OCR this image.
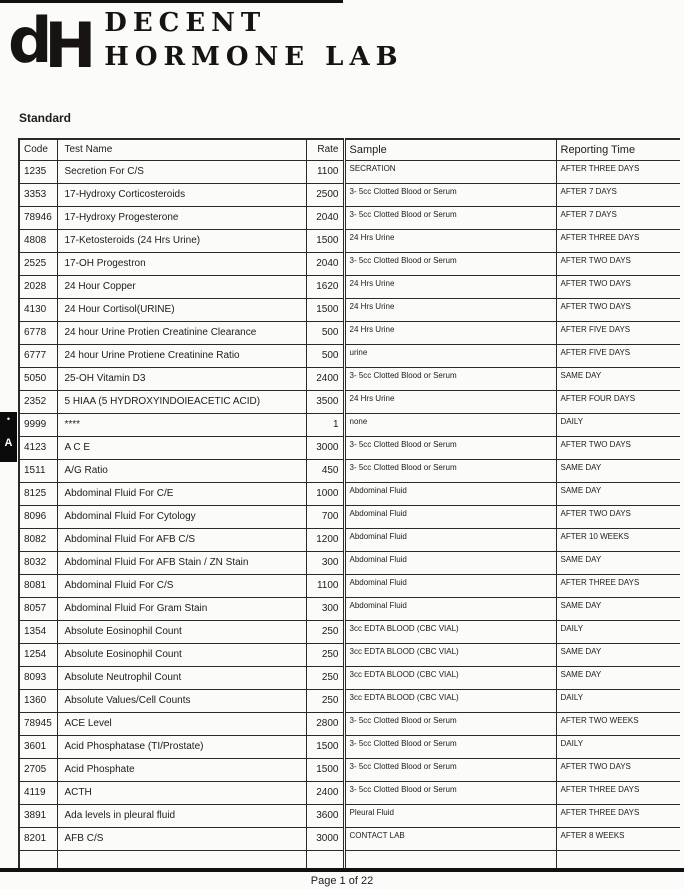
dH DECENT
HORMONE LAB
Standard
Code	Test Name	Rate	Sample	Reporting Time
1235	Secretion For C/S	1100	SECRATION	AFTER THREE DAYS
3353	17-Hydroxy Corticosteroids	2500	3- 5cc Clotted Blood or Serum	AFTER 7 DAYS
78946	17-Hydroxy Progesterone	2040	3- 5cc Clotted Blood or Serum	AFTER 7 DAYS
4808	17-Ketosteroids (24 Hrs Urine)	1500	24 Hrs Urine	AFTER THREE DAYS
2525	17-OH Progestron	2040	3- 5cc Clotted Blood or Serum	AFTER TWO DAYS
2028	24 Hour Copper	1620	24 Hrs Urine	AFTER TWO DAYS
4130	24 Hour Cortisol(URINE)	1500	24 Hrs Urine	AFTER TWO DAYS
6778	24 hour Urine Protien Creatinine Clearance	500	24 Hrs Urine	AFTER FIVE DAYS
6777	24 hour Urine Protiene Creatinine Ratio	500	urine	AFTER FIVE DAYS
5050	25-OH Vitamin D3	2400	3- 5cc Clotted Blood or Serum	SAME DAY
2352	5 HIAA (5 HYDROXYINDOIEACETIC ACID)	3500	24 Hrs Urine	AFTER FOUR DAYS
9999	****	1	none	DAILY
4123	A C E	3000	3- 5cc Clotted Blood or Serum	AFTER TWO DAYS
1511	A/G Ratio	450	3- 5cc Clotted Blood or Serum	SAME DAY
8125	Abdominal Fluid For C/E	1000	Abdominal Fluid	SAME DAY
8096	Abdominal Fluid For Cytology	700	Abdominal Fluid	AFTER TWO DAYS
8082	Abdominal Fluid For AFB C/S	1200	Abdominal Fluid	AFTER 10 WEEKS
8032	Abdominal Fluid For AFB Stain / ZN Stain	300	Abdominal Fluid	SAME DAY
8081	Abdominal Fluid For C/S	1100	Abdominal Fluid	AFTER THREE DAYS
8057	Abdominal Fluid For Gram Stain	300	Abdominal Fluid	SAME DAY
1354	Absolute Eosinophil Count	250	3cc EDTA BLOOD (CBC VIAL)	DAILY
1254	Absolute Eosinophil Count	250	3cc EDTA BLOOD (CBC VIAL)	SAME DAY
8093	Absolute Neutrophil Count	250	3cc EDTA BLOOD (CBC VIAL)	SAME DAY
1360	Absolute Values/Cell Counts	250	3cc EDTA BLOOD (CBC VIAL)	DAILY
78945	ACE Level	2800	3- 5cc Clotted Blood or Serum	AFTER TWO WEEKS
3601	Acid Phosphatase (TI/Prostate)	1500	3- 5cc Clotted Blood or Serum	DAILY
2705	Acid Phosphate	1500	3- 5cc Clotted Blood or Serum	AFTER TWO DAYS
4119	ACTH	2400	3- 5cc Clotted Blood or Serum	AFTER THREE DAYS
3891	Ada levels in pleural fluid	3600	Pleural Fluid	AFTER THREE DAYS
8201	AFB C/S	3000	CONTACT LAB	AFTER 8 WEEKS

•
A
Page 1 of 22
